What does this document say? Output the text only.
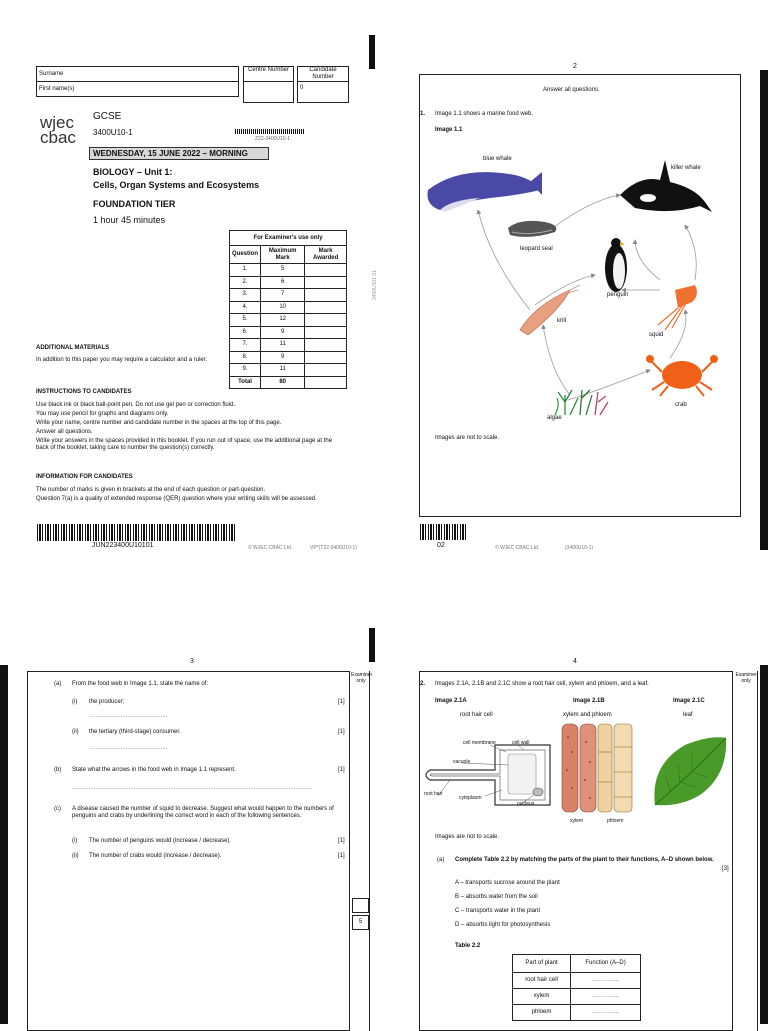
Surname
First name(s)
Centre Number	Candidate Number
0
wjec cbac
GCSE
3400U10-1
Z22-3400U10-1
WEDNESDAY, 15 JUNE 2022 – MORNING
BIOLOGY – Unit 1:
Cells, Organ Systems and Ecosystems
FOUNDATION TIER
1 hour 45 minutes
For Examiner's use only		
Question	Maximum Mark	Mark Awarded
1.	5	
2.	6	
3.	7	
4.	10	
5.	12	
6.	9	
7.	11	
8.	9	
9.	11	
Total	80	
ADDITIONAL MATERIALS
In addition to this paper you may require a calculator and a ruler.
INSTRUCTIONS TO CANDIDATES
Use black ink or black ball-point pen. Do not use gel pen or correction fluid.
You may use pencil for graphs and diagrams only.
Write your name, centre number and candidate number in the spaces at the top of this page.
Answer all questions.
Write your answers in the spaces provided in this booklet. If you run out of space, use the additional page at the back of the booklet, taking care to number the question(s) correctly.
INFORMATION FOR CANDIDATES
The number of marks is given in brackets at the end of each question or part-question.
Question 7(a) is a quality of extended response (QER) question where your writing skills will be assessed.
JUN223400U10101	© WJEC CBAC Ltd.	VP*(T22-3400U10-1)
3400U101 01
2
Answer all questions.
1. Image 1.1 shows a marine food web.
Image 1.1
blue whale
killer whale
leopard seal
penguin
krill
squid
crab
algae
Images are not to scale.
02	© WJEC CBAC Ltd.	(3400U10-1)
3
Examiner only
(a) From the food web in Image 1.1, state the name of:
(i) the producer;	[1]
...............................................
(ii) the tertiary (third-stage) consumer.	[1]
...............................................
(b) State what the arrows in the food web in Image 1.1 represent.	[1]
................................................................................................................................................
(c) A disease caused the number of squid to decrease. Suggest what would happen to the numbers of penguins and crabs by underlining the correct word in each of the following sentences.
(i) The number of penguins would (increase / decrease).	[1]
(ii) The number of crabs would (increase / decrease).	[1]
5
4
Examiner only
2. Images 2.1A, 2.1B and 2.1C show a root hair cell, xylem and phloem, and a leaf.
Image 2.1A
root hair cell
Image 2.1B
xylem and phloem
Image 2.1C
leaf
cell membrane	cell wall
vacuole
root hair
cytoplasm
nucleus
xylem	phloem
Images are not to scale.
(a) Complete Table 2.2 by matching the parts of the plant to their functions, A–D shown below.
[3]
A – transports sucrose around the plant
B – absorbs water from the soil
C – transports water in the plant
D – absorbs light for photosynthesis
Table 2.2
Part of plant	Function (A–D)
root hair cell	................
xylem	................
phloem	................
